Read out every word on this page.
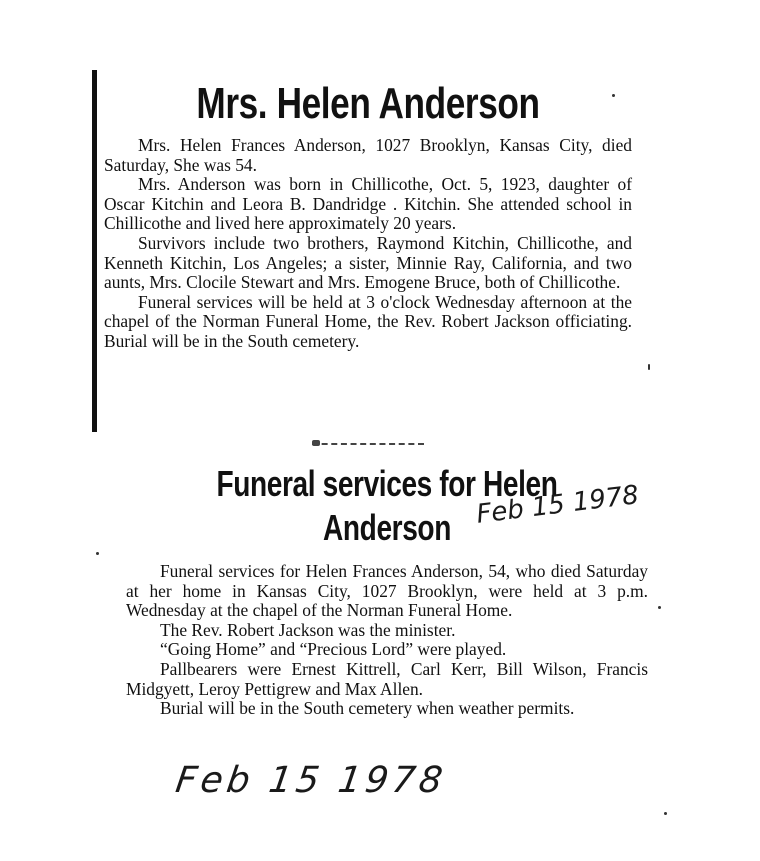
Mrs. Helen Anderson

Mrs. Helen Frances Anderson, 1027 Brooklyn, Kansas City, died Saturday, She was 54.

Mrs. Anderson was born in Chillicothe, Oct. 5, 1923, daughter of Oscar Kitchin and Leora B. Dandridge . Kitchin. She attended school in Chillicothe and lived here approximately 20 years.

Survivors include two brothers, Raymond Kitchin, Chillicothe, and Kenneth Kitchin, Los Angeles; a sister, Minnie Ray, California, and two aunts, Mrs. Clocile Stewart and Mrs. Emogene Bruce, both of Chillicothe.

Funeral services will be held at 3 o'clock Wednesday afternoon at the chapel of the Norman Funeral Home, the Rev. Robert Jackson officiating. Burial will be in the South cemetery.

Funeral services for Helen Anderson

Funeral services for Helen Frances Anderson, 54, who died Saturday at her home in Kansas City, 1027 Brooklyn, were held at 3 p.m. Wednesday at the chapel of the Norman Funeral Home.

The Rev. Robert Jackson was the minister.

“Going Home” and “Precious Lord” were played.

Pallbearers were Ernest Kittrell, Carl Kerr, Bill Wilson, Francis Midgyett, Leroy Pettigrew and Max Allen.

Burial will be in the South cemetery when weather permits.

Feb 15 1978
Feb 15 1978
